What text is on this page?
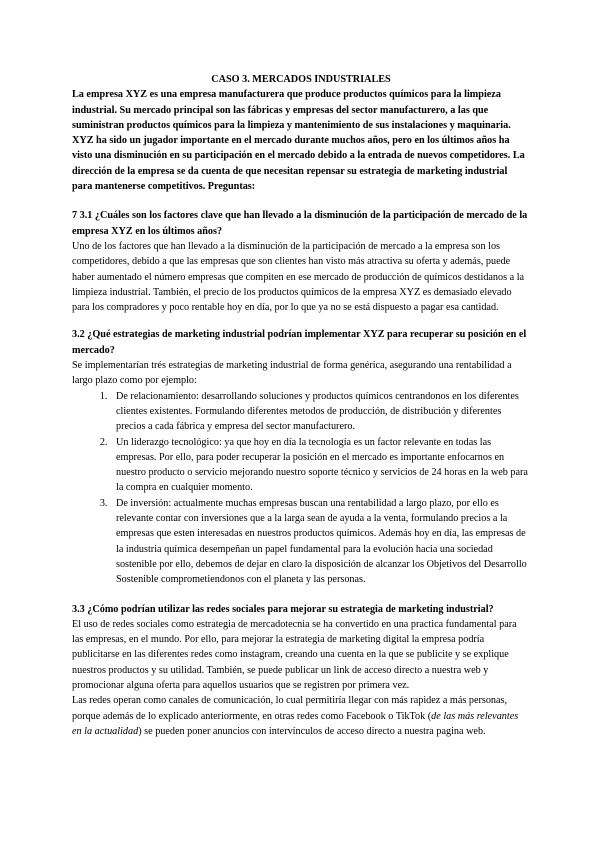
CASO 3. MERCADOS INDUSTRIALES

La empresa XYZ es una empresa manufacturera que produce productos químicos para la limpieza industrial. Su mercado principal son las fábricas y empresas del sector manufacturero, a las que suministran productos químicos para la limpieza y mantenimiento de sus instalaciones y maquinaria. XYZ ha sido un jugador importante en el mercado durante muchos años, pero en los últimos años ha visto una disminución en su participación en el mercado debido a la entrada de nuevos competidores. La dirección de la empresa se da cuenta de que necesitan repensar su estrategia de marketing industrial para mantenerse competitivos. Preguntas:

7 3.1 ¿Cuáles son los factores clave que han llevado a la disminución de la participación de mercado de la empresa XYZ en los últimos años?

Uno de los factores que han llevado a la disminución de la participación de mercado a la empresa son los competidores, debido a que las empresas que son clientes han visto más atractiva su oferta y además, puede haber aumentado el número empresas que compiten en ese mercado de producción de químicos destidanos a la limpieza industrial. También, el precio de los productos químicos de la empresa XYZ es demasiado elevado para los compradores y poco rentable hoy en día, por lo que ya no se está dispuesto a pagar esa cantidad.

3.2 ¿Qué estrategias de marketing industrial podrían implementar XYZ para recuperar su posición en el mercado?

Se implementarían trés estrategias de marketing industrial de forma genérica, asegurando una rentabilidad a largo plazo como por ejemplo:

1. De relacionamiento: desarrollando soluciones y productos químicos centrandonos en los diferentes clientes existentes. Formulando diferentes metodos de producción, de distribución y diferentes precios a cada fábrica y empresa del sector manufacturero.
2. Un liderazgo tecnológico: ya que hoy en día la tecnología es un factor relevante en todas las empresas. Por ello, para poder recuperar la posición en el mercado es importante enfocarnos en nuestro producto o servicio mejorando nuestro soporte técnico y servicios de 24 horas en la web para la compra en cualquier momento.
3. De inversión: actualmente muchas empresas buscan una rentabilidad a largo plazo, por ello es relevante contar con inversiones que a la larga sean de ayuda a la venta, formulando precios a la empresas que esten interesadas en nuestros productos químicos. Además hoy en día, las empresas de la industria química desempeñan un papel fundamental para la evolución hacia una sociedad sostenible por ello, debemos de dejar en claro la disposición de alcanzar los Objetivos del Desarrollo Sostenible comprometiendonos con el planeta y las personas.

3.3 ¿Cómo podrían utilizar las redes sociales para mejorar su estrategia de marketing industrial?

El uso de redes sociales como estrategia de mercadotecnia se ha convertido en una practica fundamental para las empresas, en el mundo. Por ello, para mejorar la estrategia de marketing digital la empresa podría publicitarse en las diferentes redes como instagram, creando una cuenta en la que se publicite y se explique nuestros productos y su utilidad. También, se puede publicar un link de acceso directo a nuestra web y promocionar alguna oferta para aquellos usuarios que se registren por primera vez.

Las redes operan como canales de comunicación, lo cual permitiría llegar con más rapidez a más personas, porque además de lo explicado anteriormente, en otras redes como Facebook o TikTok (de las más relevantes en la actualidad) se pueden poner anuncios con intervínculos de acceso directo a nuestra pagina web.
